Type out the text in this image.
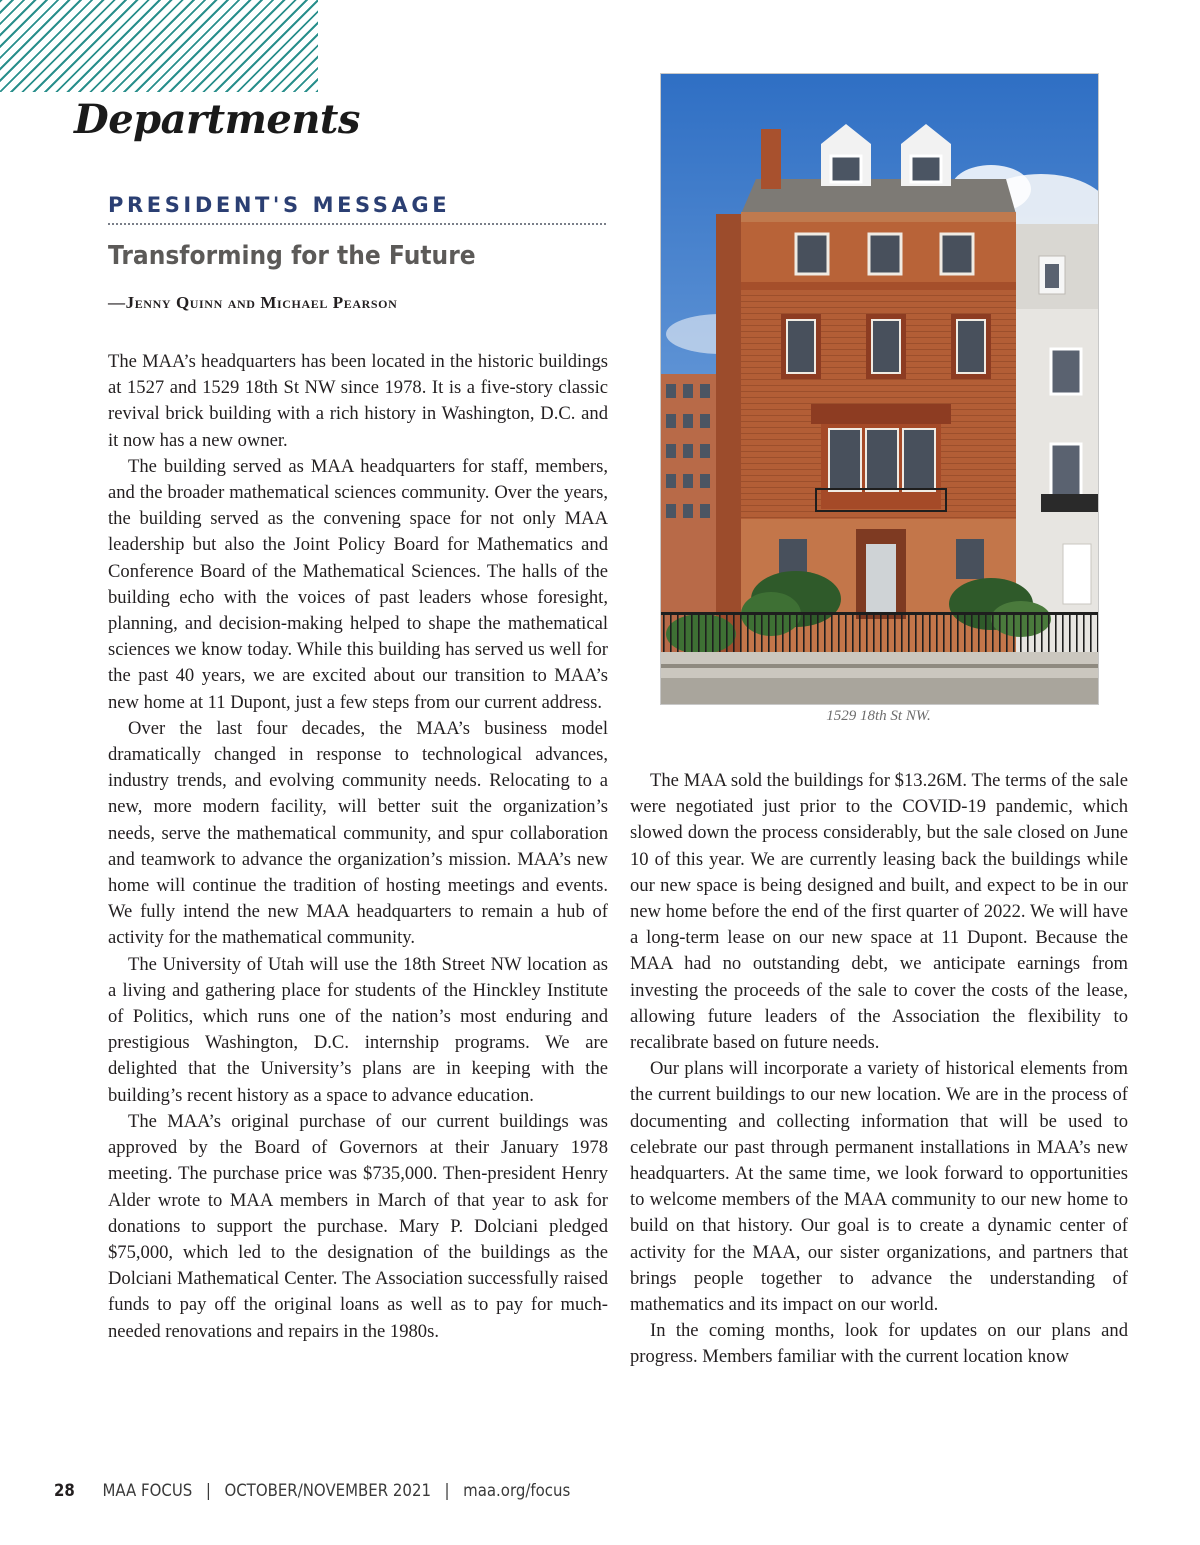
Departments
PRESIDENT'S MESSAGE
Transforming for the Future

—Jenny Quinn and Michael Pearson

The MAA’s headquarters has been located in the historic buildings at 1527 and 1529 18th St NW since 1978. It is a five-story classic revival brick building with a rich history in Washington, D.C. and it now has a new owner.

The building served as MAA headquarters for staff, members, and the broader mathematical sciences community. Over the years, the building served as the convening space for not only MAA leadership but also the Joint Policy Board for Mathematics and Conference Board of the Mathematical Sciences. The halls of the building echo with the voices of past leaders whose foresight, planning, and decision-making helped to shape the mathematical sciences we know today. While this building has served us well for the past 40 years, we are excited about our transition to MAA’s new home at 11 Dupont, just a few steps from our current address.

Over the last four decades, the MAA’s business model dramatically changed in response to technological advances, industry trends, and evolving community needs. Relocating to a new, more modern facility, will better suit the organization’s needs, serve the mathematical community, and spur collaboration and teamwork to advance the organization’s mission. MAA’s new home will continue the tradition of hosting meetings and events. We fully intend the new MAA headquarters to remain a hub of activity for the mathematical community.

The University of Utah will use the 18th Street NW location as a living and gathering place for students of the Hinckley Institute of Politics, which runs one of the nation’s most enduring and prestigious Washington, D.C. internship programs. We are delighted that the University’s plans are in keeping with the building’s recent history as a space to advance education.

The MAA’s original purchase of our current buildings was approved by the Board of Governors at their January 1978 meeting. The purchase price was $735,000. Then-president Henry Alder wrote to MAA members in March of that year to ask for donations to support the purchase. Mary P. Dolciani pledged $75,000, which led to the designation of the buildings as the Dolciani Mathematical Center. The Association successfully raised funds to pay off the original loans as well as to pay for much-needed renovations and repairs in the 1980s.

1529 18th St NW.

The MAA sold the buildings for $13.26M. The terms of the sale were negotiated just prior to the COVID-19 pandemic, which slowed down the process considerably, but the sale closed on June 10 of this year. We are currently leasing back the buildings while our new space is being designed and built, and expect to be in our new home before the end of the first quarter of 2022. We will have a long-term lease on our new space at 11 Dupont. Because the MAA had no outstanding debt, we anticipate earnings from investing the proceeds of the sale to cover the costs of the lease, allowing future leaders of the Association the flexibility to recalibrate based on future needs.

Our plans will incorporate a variety of historical elements from the current buildings to our new location. We are in the process of documenting and collecting information that will be used to celebrate our past through permanent installations in MAA’s new headquarters. At the same time, we look forward to opportunities to welcome members of the MAA community to our new home to build on that history. Our goal is to create a dynamic center of activity for the MAA, our sister organizations, and partners that brings people together to advance the understanding of mathematics and its impact on our world.

In the coming months, look for updates on our plans and progress. Members familiar with the current location know

28 MAA FOCUS | OCTOBER/NOVEMBER 2021 | maa.org/focus
